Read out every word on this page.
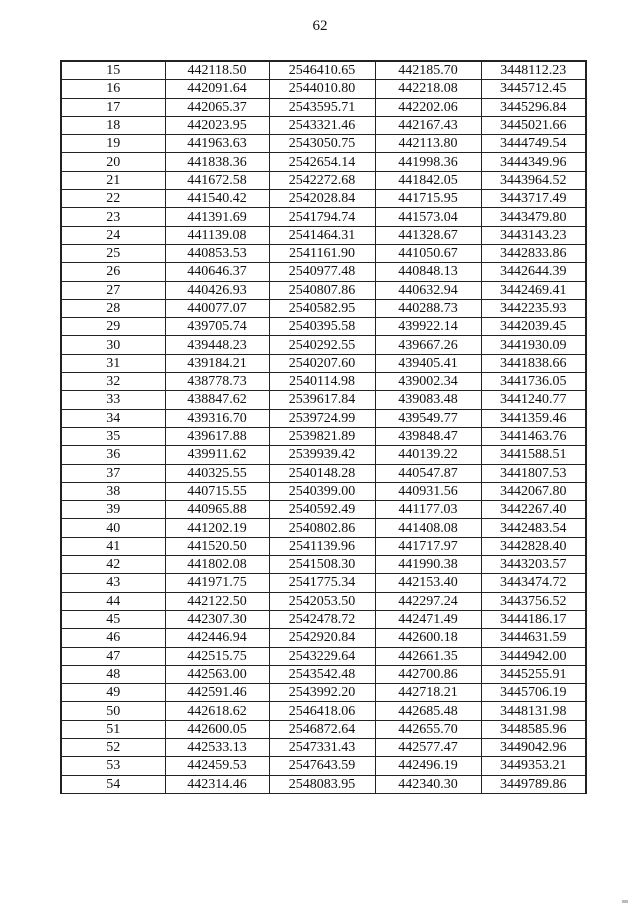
62
15	442118.50	2546410.65	442185.70	3448112.23
16	442091.64	2544010.80	442218.08	3445712.45
17	442065.37	2543595.71	442202.06	3445296.84
18	442023.95	2543321.46	442167.43	3445021.66
19	441963.63	2543050.75	442113.80	3444749.54
20	441838.36	2542654.14	441998.36	3444349.96
21	441672.58	2542272.68	441842.05	3443964.52
22	441540.42	2542028.84	441715.95	3443717.49
23	441391.69	2541794.74	441573.04	3443479.80
24	441139.08	2541464.31	441328.67	3443143.23
25	440853.53	2541161.90	441050.67	3442833.86
26	440646.37	2540977.48	440848.13	3442644.39
27	440426.93	2540807.86	440632.94	3442469.41
28	440077.07	2540582.95	440288.73	3442235.93
29	439705.74	2540395.58	439922.14	3442039.45
30	439448.23	2540292.55	439667.26	3441930.09
31	439184.21	2540207.60	439405.41	3441838.66
32	438778.73	2540114.98	439002.34	3441736.05
33	438847.62	2539617.84	439083.48	3441240.77
34	439316.70	2539724.99	439549.77	3441359.46
35	439617.88	2539821.89	439848.47	3441463.76
36	439911.62	2539939.42	440139.22	3441588.51
37	440325.55	2540148.28	440547.87	3441807.53
38	440715.55	2540399.00	440931.56	3442067.80
39	440965.88	2540592.49	441177.03	3442267.40
40	441202.19	2540802.86	441408.08	3442483.54
41	441520.50	2541139.96	441717.97	3442828.40
42	441802.08	2541508.30	441990.38	3443203.57
43	441971.75	2541775.34	442153.40	3443474.72
44	442122.50	2542053.50	442297.24	3443756.52
45	442307.30	2542478.72	442471.49	3444186.17
46	442446.94	2542920.84	442600.18	3444631.59
47	442515.75	2543229.64	442661.35	3444942.00
48	442563.00	2543542.48	442700.86	3445255.91
49	442591.46	2543992.20	442718.21	3445706.19
50	442618.62	2546418.06	442685.48	3448131.98
51	442600.05	2546872.64	442655.70	3448585.96
52	442533.13	2547331.43	442577.47	3449042.96
53	442459.53	2547643.59	442496.19	3449353.21
54	442314.46	2548083.95	442340.30	3449789.86
